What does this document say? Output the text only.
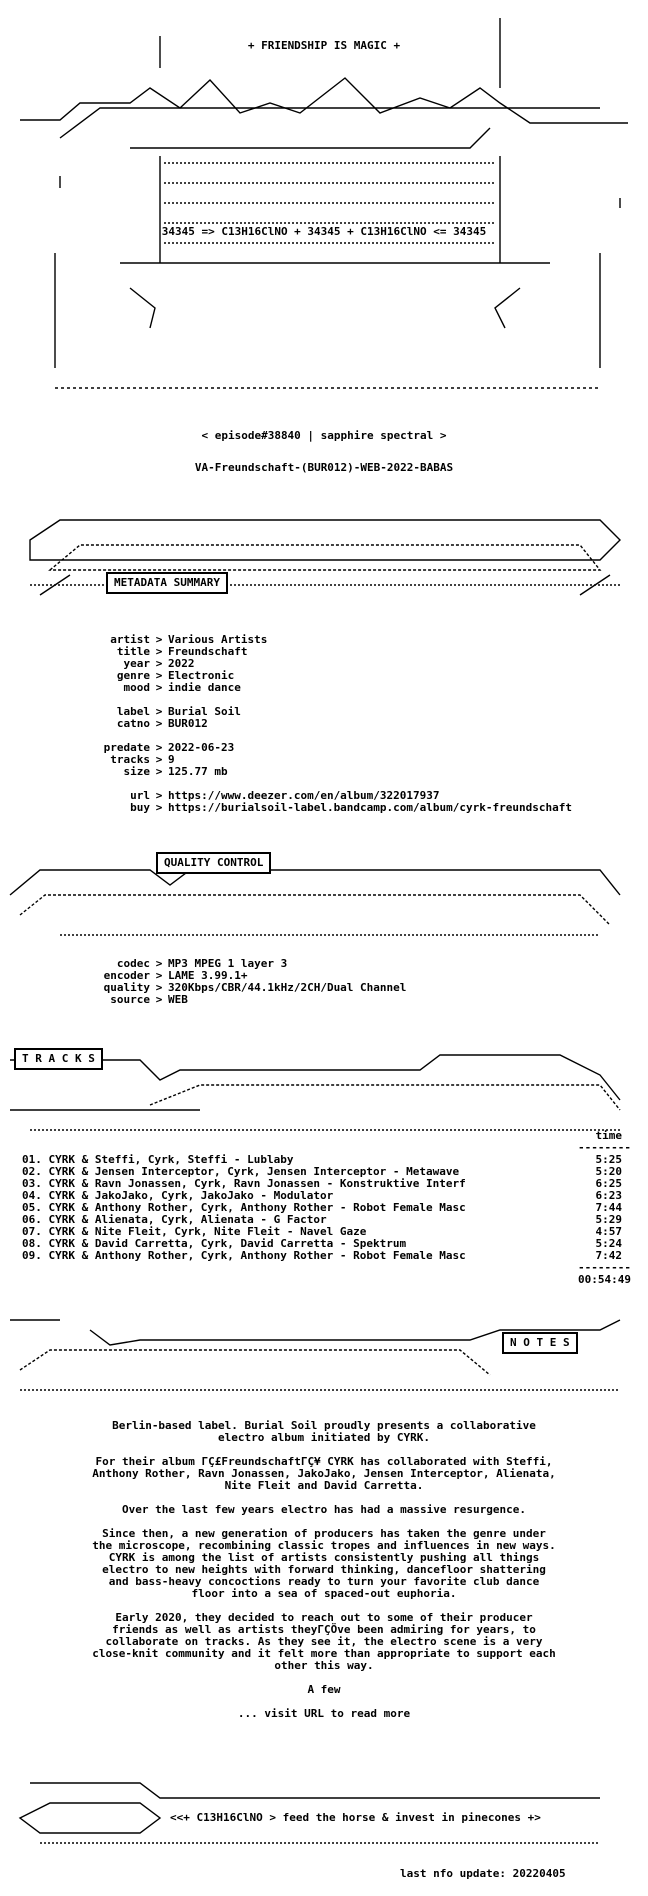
+ FRIENDSHIP IS MAGIC +
34345 => C13H16ClNO + 34345 + C13H16ClNO <= 34345
< episode#38840 | sapphire spectral >
VA-Freundschaft-(BUR012)-WEB-2022-BABAS
METADATA SUMMARY
artist > Various Artists
title > Freundschaft
year > 2022
genre > Electronic
mood > indie dance
label > Burial Soil
catno > BUR012
predate > 2022-06-23
tracks > 9
size > 125.77 mb
url > https://www.deezer.com/en/album/322017937
buy > https://burialsoil-label.bandcamp.com/album/cyrk-freundschaft
QUALITY CONTROL
codec > MP3 MPEG 1 layer 3
encoder > LAME 3.99.1+
quality > 320Kbps/CBR/44.1kHz/2CH/Dual Channel
source > WEB
T R A C K S
time
--------
01. CYRK & Steffi, Cyrk, Steffi - Lublaby	5:25
02. CYRK & Jensen Interceptor, Cyrk, Jensen Interceptor - Metawave	5:20
03. CYRK & Ravn Jonassen, Cyrk, Ravn Jonassen - Konstruktive Interf	6:25
04. CYRK & JakoJako, Cyrk, JakoJako - Modulator	6:23
05. CYRK & Anthony Rother, Cyrk, Anthony Rother - Robot Female Masc	7:44
06. CYRK & Alienata, Cyrk, Alienata - G Factor	5:29
07. CYRK & Nite Fleit, Cyrk, Nite Fleit - Navel Gaze	4:57
08. CYRK & David Carretta, Cyrk, David Carretta - Spektrum	5:24
09. CYRK & Anthony Rother, Cyrk, Anthony Rother - Robot Female Masc	7:42
--------
00:54:49
N O T E S

Berlin-based label. Burial Soil proudly presents a collaborative
electro album initiated by CYRK.

For their album ΓÇ£FreundschaftΓÇ¥ CYRK has collaborated with Steffi,
Anthony Rother, Ravn Jonassen, JakoJako, Jensen Interceptor, Alienata,
Nite Fleit and David Carretta.

Over the last few years electro has had a massive resurgence.

Since then, a new generation of producers has taken the genre under
the microscope, recombining classic tropes and influences in new ways.
CYRK is among the list of artists consistently pushing all things
electro to new heights with forward thinking, dancefloor shattering
and bass-heavy concoctions ready to turn your favorite club dance
floor into a sea of spaced-out euphoria.

Early 2020, they decided to reach out to some of their producer
friends as well as artists theyΓÇÖve been admiring for years, to
collaborate on tracks. As they see it, the electro scene is a very
close-knit community and it felt more than appropriate to support each
other this way.

A few

... visit URL to read more

<<+ C13H16ClNO > feed the horse & invest in pinecones +>
last nfo update: 20220405
